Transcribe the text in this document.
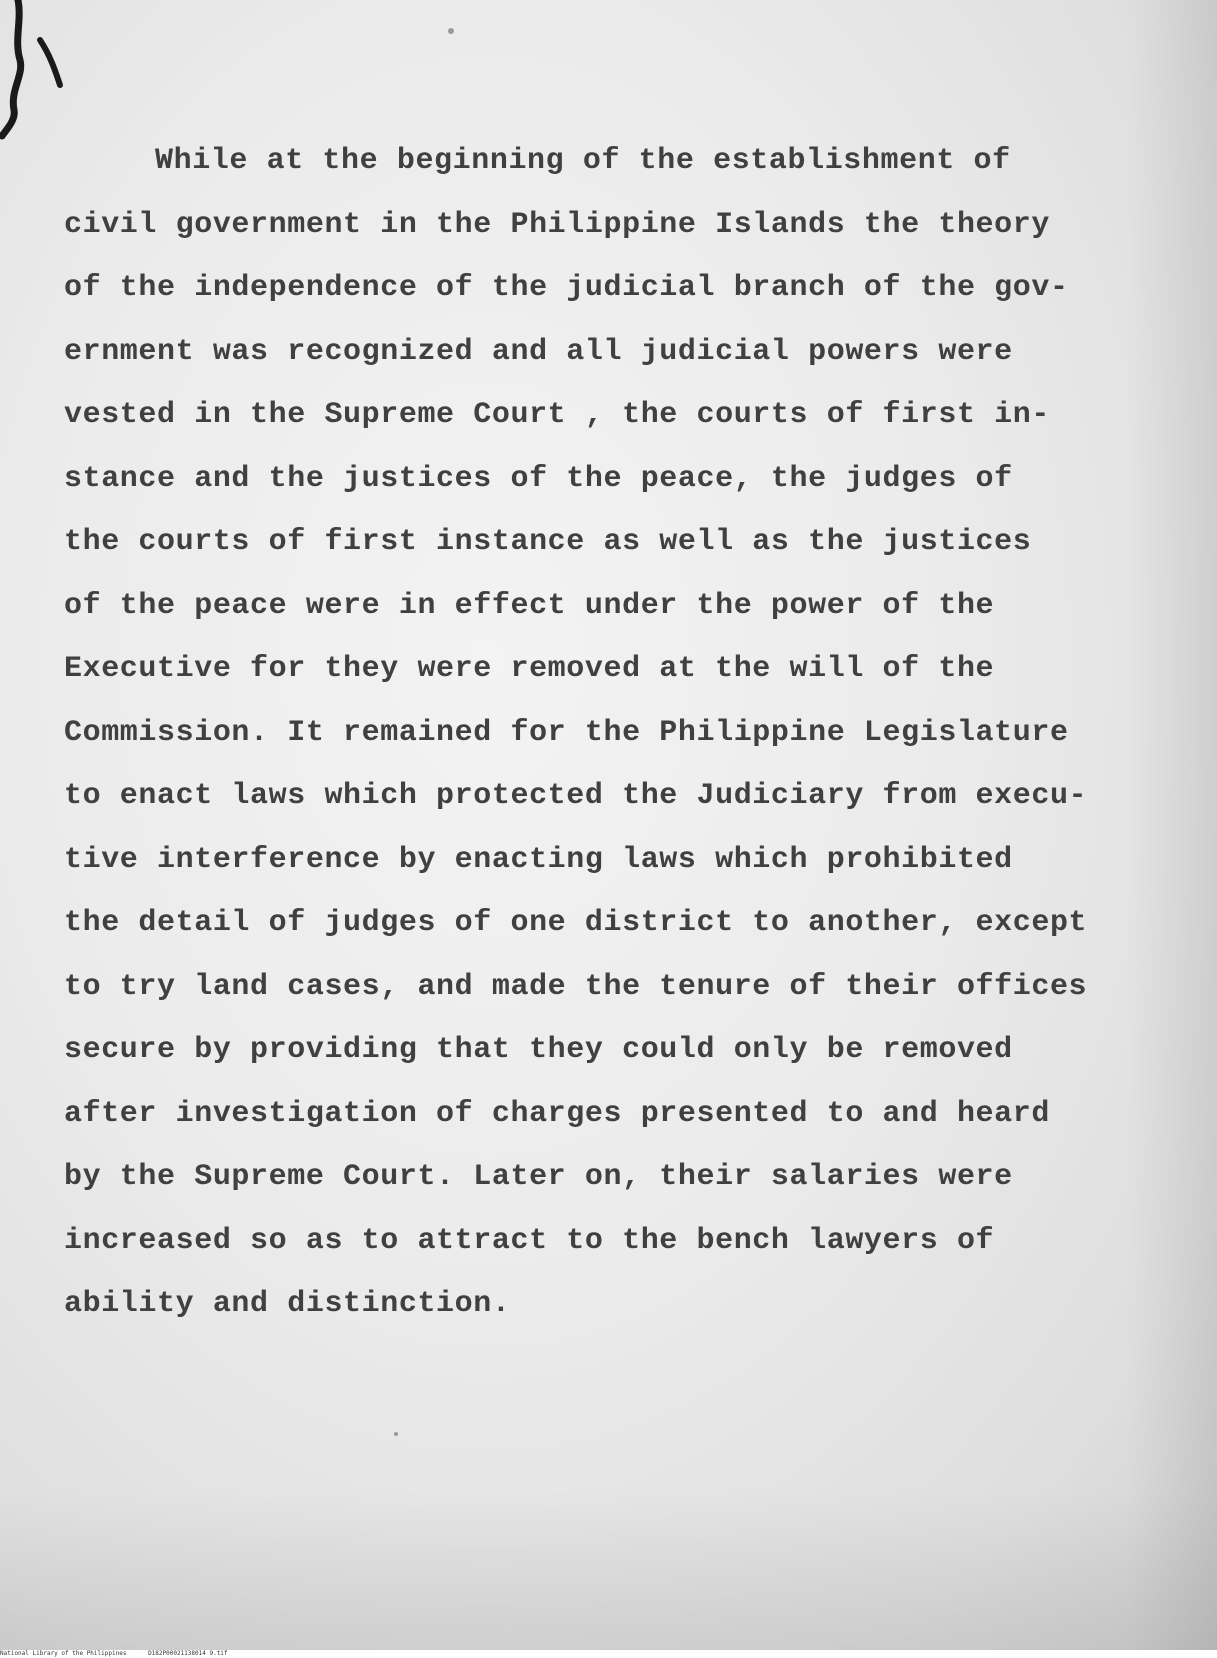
While at the beginning of the establishment of
civil government in the Philippine Islands the theory
of the independence of the judicial branch of the gov-
ernment was recognized and all judicial powers were
vested in the Supreme Court , the courts of first in-
stance and the justices of the peace, the judges of
the courts of first instance as well as the justices
of the peace were in effect under the power of the
Executive for they were removed at the will of the
Commission. It remained for the Philippine Legislature
to enact laws which protected the Judiciary from execu-
tive interference by enacting laws which prohibited
the detail of judges of one district to another, except
to try land cases, and made the tenure of their offices
secure by providing that they could only be removed
after investigation of charges presented to and heard
by the Supreme Court. Later on, their salaries were
increased so as to attract to the bench lawyers of
ability and distinction.
National Library of the Philippines	D182P00021138014 9.tif
